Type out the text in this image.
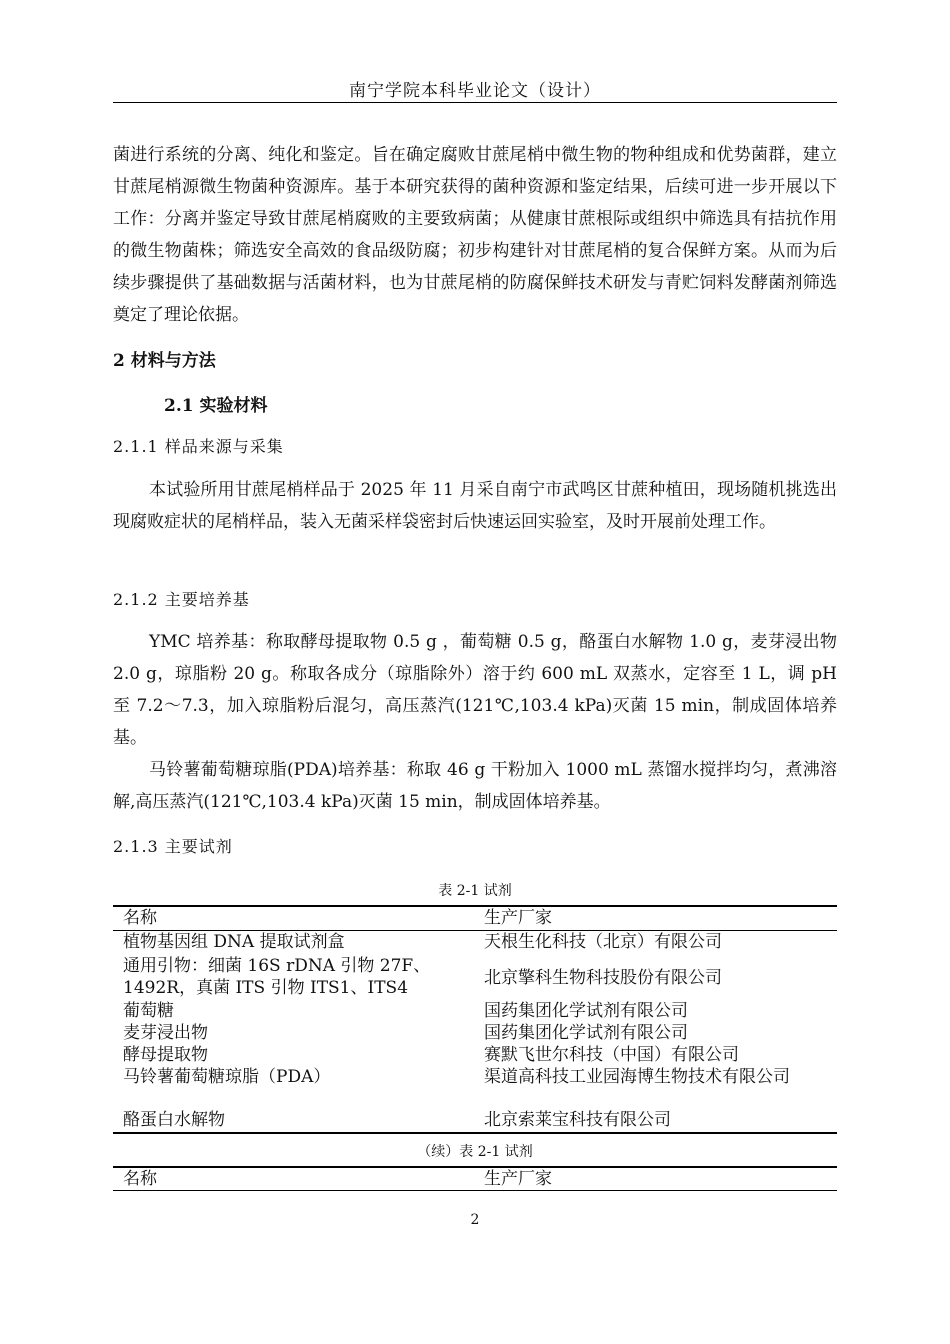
南宁学院本科毕业论文（设计）

菌进行系统的分离、纯化和鉴定。旨在确定腐败甘蔗尾梢中微生物的物种组成和优势菌群，建立甘蔗尾梢源微生物菌种资源库。基于本研究获得的菌种资源和鉴定结果，后续可进一步开展以下工作：分离并鉴定导致甘蔗尾梢腐败的主要致病菌；从健康甘蔗根际或组织中筛选具有拮抗作用的微生物菌株；筛选安全高效的食品级防腐；初步构建针对甘蔗尾梢的复合保鲜方案。从而为后续步骤提供了基础数据与活菌材料，也为甘蔗尾梢的防腐保鲜技术研发与青贮饲料发酵菌剂筛选奠定了理论依据。

2 材料与方法

2.1 实验材料

2.1.1 样品来源与采集

本试验所用甘蔗尾梢样品于 2025 年 11 月采自南宁市武鸣区甘蔗种植田，现场随机挑选出现腐败症状的尾梢样品，装入无菌采样袋密封后快速运回实验室，及时开展前处理工作。

2.1.2 主要培养基

YMC 培养基：称取酵母提取物 0.5 g ，葡萄糖 0.5 g，酪蛋白水解物 1.0 g，麦芽浸出物 2.0 g，琼脂粉 20 g。称取各成分（琼脂除外）溶于约 600 mL 双蒸水，定容至 1 L，调 pH 至 7.2～7.3，加入琼脂粉后混匀，高压蒸汽(121℃,103.4 kPa)灭菌 15 min，制成固体培养基。

马铃薯葡萄糖琼脂(PDA)培养基：称取 46 g 干粉加入 1000 mL 蒸馏水搅拌均匀，煮沸溶解,高压蒸汽(121℃,103.4 kPa)灭菌 15 min，制成固体培养基。

2.1.3 主要试剂

表 2-1 试剂
名称	生产厂家
植物基因组 DNA 提取试剂盒	天根生化科技（北京）有限公司
通用引物：细菌 16S rDNA 引物 27F、1492R，真菌 ITS 引物 ITS1、ITS4	北京擎科生物科技股份有限公司
葡萄糖	国药集团化学试剂有限公司
麦芽浸出物	国药集团化学试剂有限公司
酵母提取物	赛默飞世尔科技（中国）有限公司
马铃薯葡萄糖琼脂（PDA）	渠道高科技工业园海博生物技术有限公司
酪蛋白水解物	北京索莱宝科技有限公司
（续）表 2-1 试剂
名称	生产厂家
2
